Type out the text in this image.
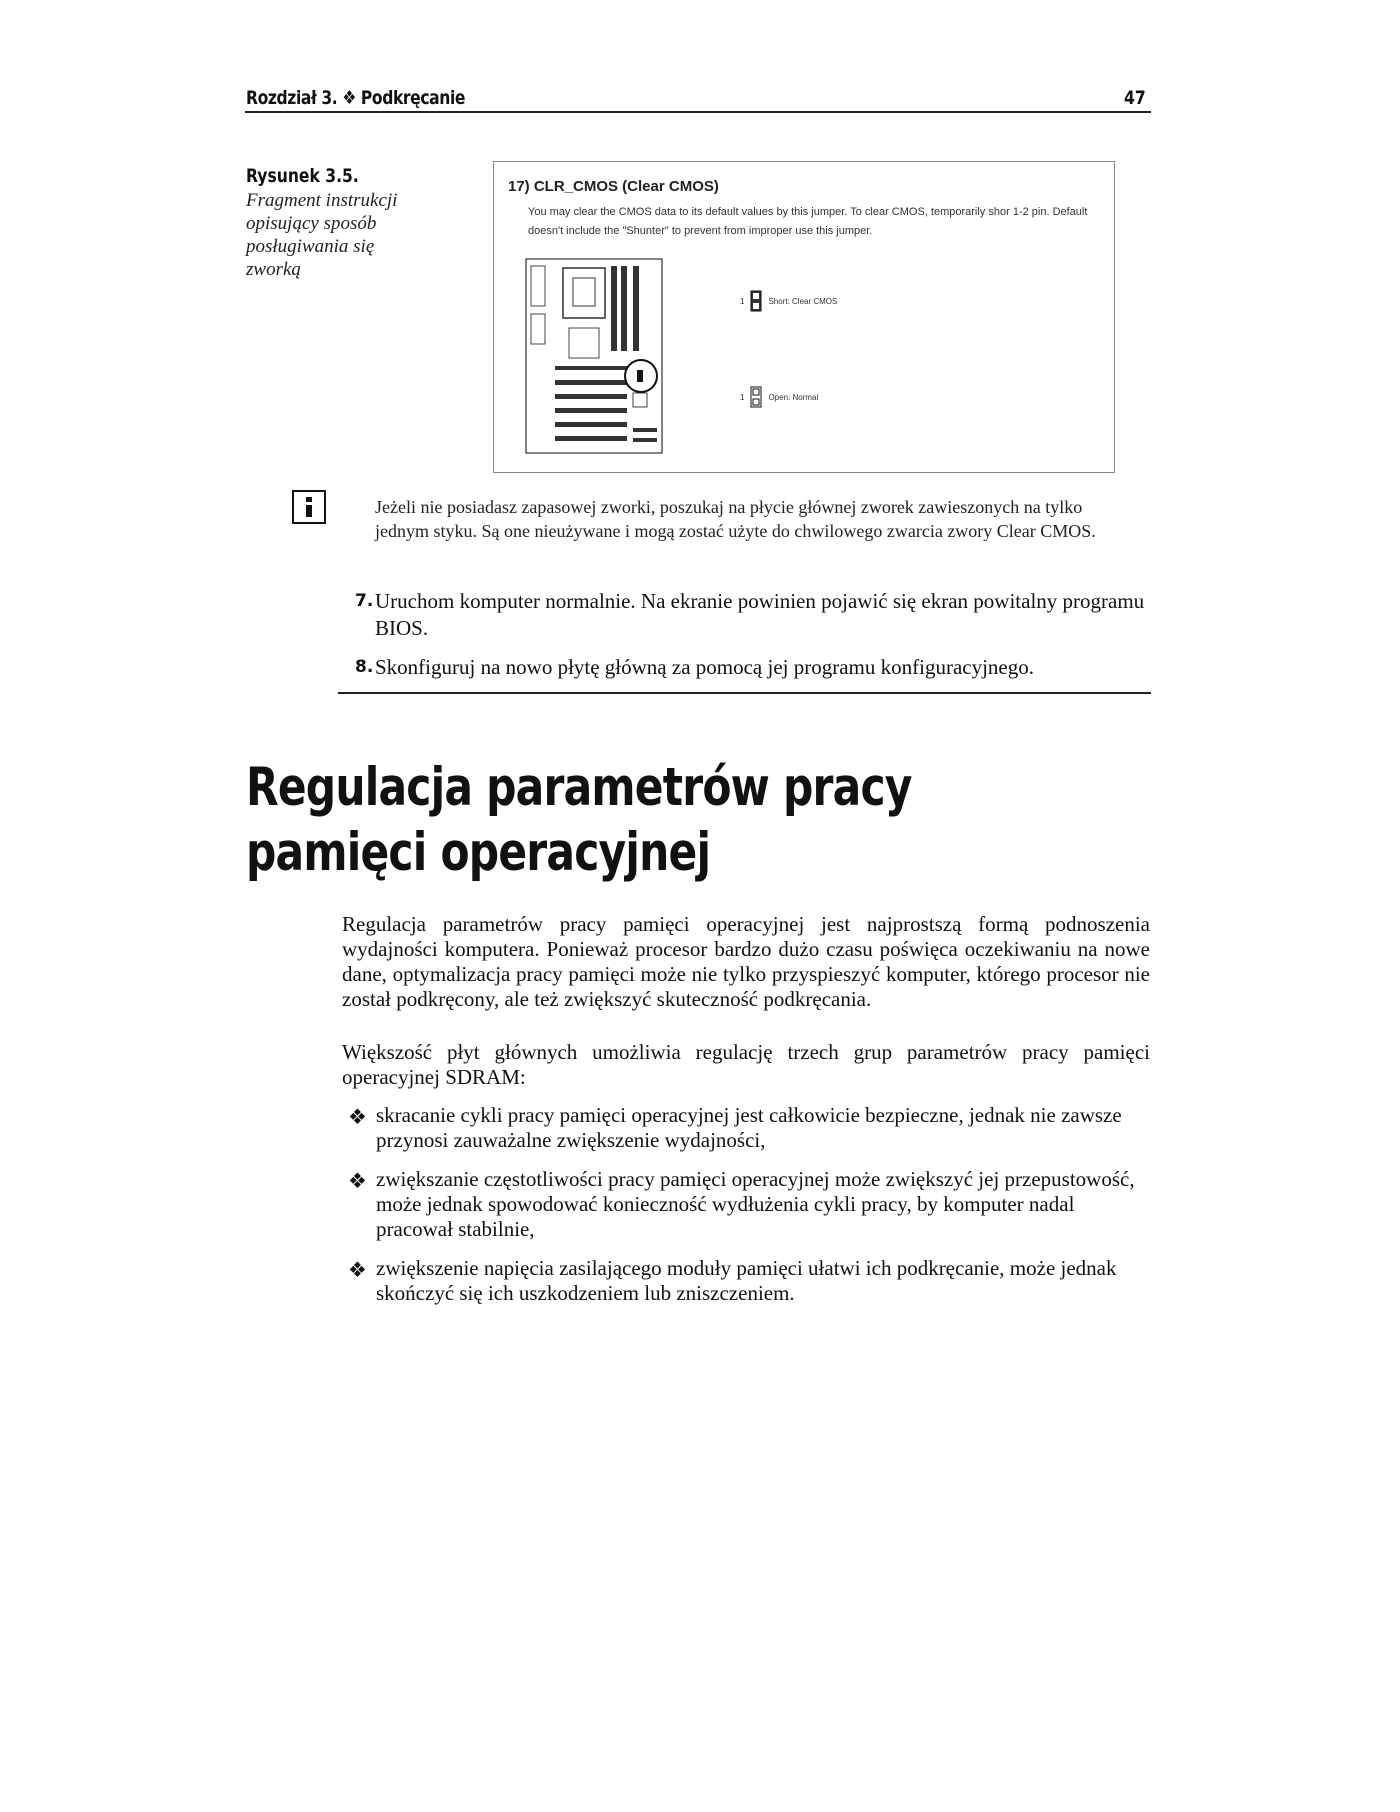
Rozdział 3. ❖ Podkręcanie	47
Rysunek 3.5.
Fragment instrukcji opisujący sposób posługiwania się zworką
17) CLR_CMOS (Clear CMOS)
You may clear the CMOS data to its default values by this jumper. To clear CMOS, temporarily shor 1-2 pin. Default doesn't include the "Shunter" to prevent from improper use this jumper.
1	Short: Clear CMOS
1	Open: Normal
Jeżeli nie posiadasz zapasowej zworki, poszukaj na płycie głównej zworek zawieszonych na tylko jednym styku. Są one nieużywane i mogą zostać użyte do chwilowego zwarcia zwory Clear CMOS.
7. Uruchom komputer normalnie. Na ekranie powinien pojawić się ekran powitalny programu BIOS.
8. Skonfiguruj na nowo płytę główną za pomocą jej programu konfiguracyjnego.
Regulacja parametrów pracy pamięci operacyjnej
Regulacja parametrów pracy pamięci operacyjnej jest najprostszą formą podnoszenia wydajności komputera. Ponieważ procesor bardzo dużo czasu poświęca oczekiwaniu na nowe dane, optymalizacja pracy pamięci może nie tylko przyspieszyć komputer, którego procesor nie został podkręcony, ale też zwiększyć skuteczność podkręcania.
Większość płyt głównych umożliwia regulację trzech grup parametrów pracy pamięci operacyjnej SDRAM:
❖ skracanie cykli pracy pamięci operacyjnej jest całkowicie bezpieczne, jednak nie zawsze przynosi zauważalne zwiększenie wydajności,
❖ zwiększanie częstotliwości pracy pamięci operacyjnej może zwiększyć jej przepustowość, może jednak spowodować konieczność wydłużenia cykli pracy, by komputer nadal pracował stabilnie,
❖ zwiększenie napięcia zasilającego moduły pamięci ułatwi ich podkręcanie, może jednak skończyć się ich uszkodzeniem lub zniszczeniem.
